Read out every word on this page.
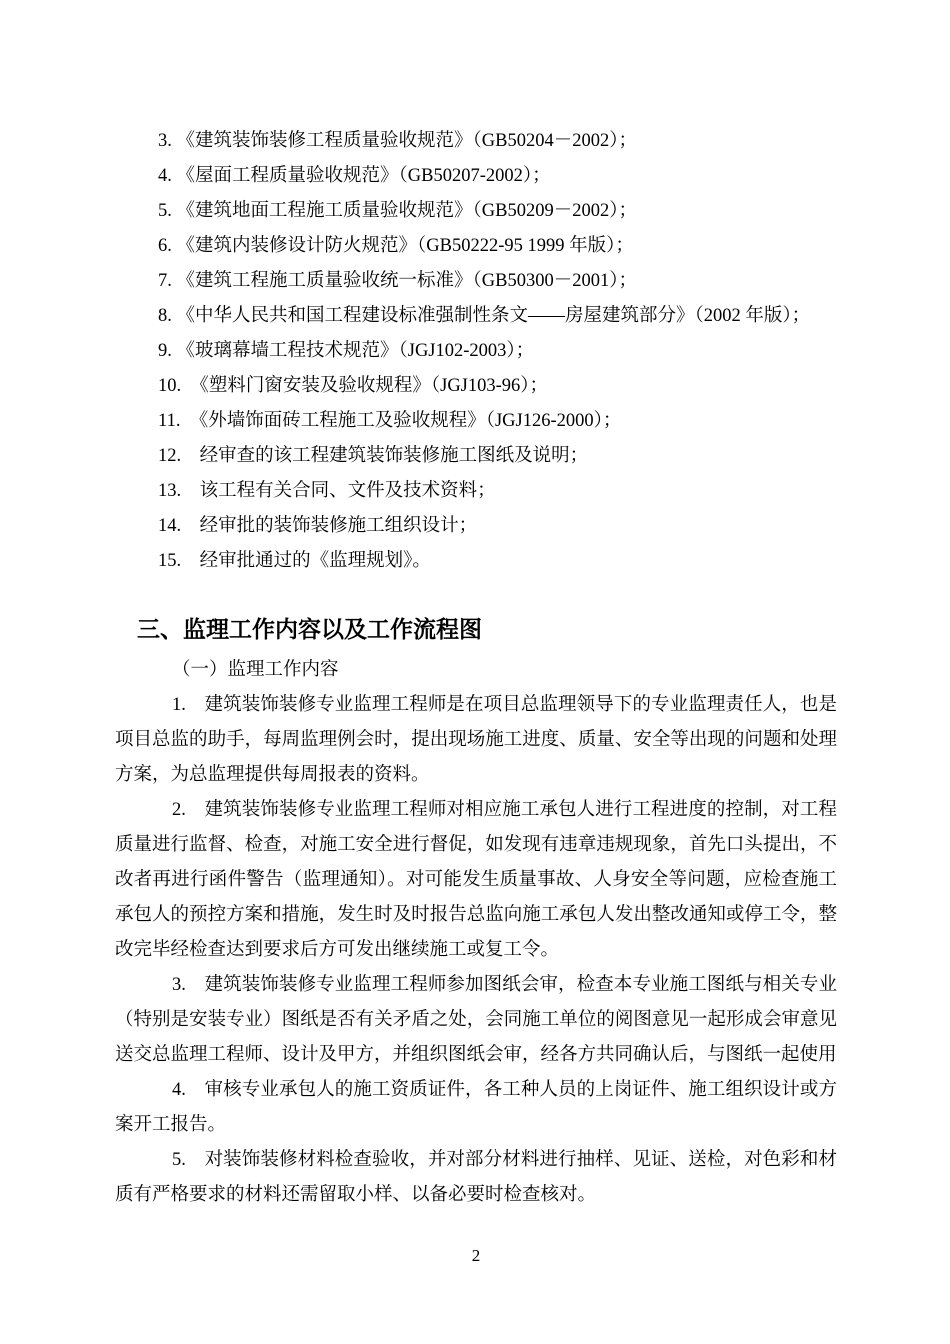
3. 《建筑装饰装修工程质量验收规范》（GB50204－2002）；

4. 《屋面工程质量验收规范》（GB50207-2002）；

5. 《建筑地面工程施工质量验收规范》（GB50209－2002）；

6. 《建筑内装修设计防火规范》（GB50222-95 1999 年版）；

7. 《建筑工程施工质量验收统一标准》（GB50300－2001）；

8. 《中华人民共和国工程建设标准强制性条文——房屋建筑部分》（2002 年版）；

9. 《玻璃幕墙工程技术规范》（JGJ102-2003）；

10. 《塑料门窗安装及验收规程》（JGJ103-96）；

11. 《外墙饰面砖工程施工及验收规程》（JGJ126-2000）；

12. 经审查的该工程建筑装饰装修施工图纸及说明；

13. 该工程有关合同、文件及技术资料；

14. 经审批的装饰装修施工组织设计；

15. 经审批通过的《监理规划》。

三、监理工作内容以及工作流程图

（一）监理工作内容

1.　建筑装饰装修专业监理工程师是在项目总监理领导下的专业监理责任人，也是项目总监的助手，每周监理例会时，提出现场施工进度、质量、安全等出现的问题和处理方案，为总监理提供每周报表的资料。

2.　建筑装饰装修专业监理工程师对相应施工承包人进行工程进度的控制，对工程质量进行监督、检查，对施工安全进行督促，如发现有违章违规现象，首先口头提出，不改者再进行函件警告（监理通知）。对可能发生质量事故、人身安全等问题，应检查施工承包人的预控方案和措施，发生时及时报告总监向施工承包人发出整改通知或停工令，整改完毕经检查达到要求后方可发出继续施工或复工令。

3.　建筑装饰装修专业监理工程师参加图纸会审，检查本专业施工图纸与相关专业（特别是安装专业）图纸是否有关矛盾之处，会同施工单位的阅图意见一起形成会审意见送交总监理工程师、设计及甲方，并组织图纸会审，经各方共同确认后，与图纸一起使用

4.　审核专业承包人的施工资质证件，各工种人员的上岗证件、施工组织设计或方案开工报告。

5.　对装饰装修材料检查验收，并对部分材料进行抽样、见证、送检，对色彩和材质有严格要求的材料还需留取小样、以备必要时检查核对。

2
